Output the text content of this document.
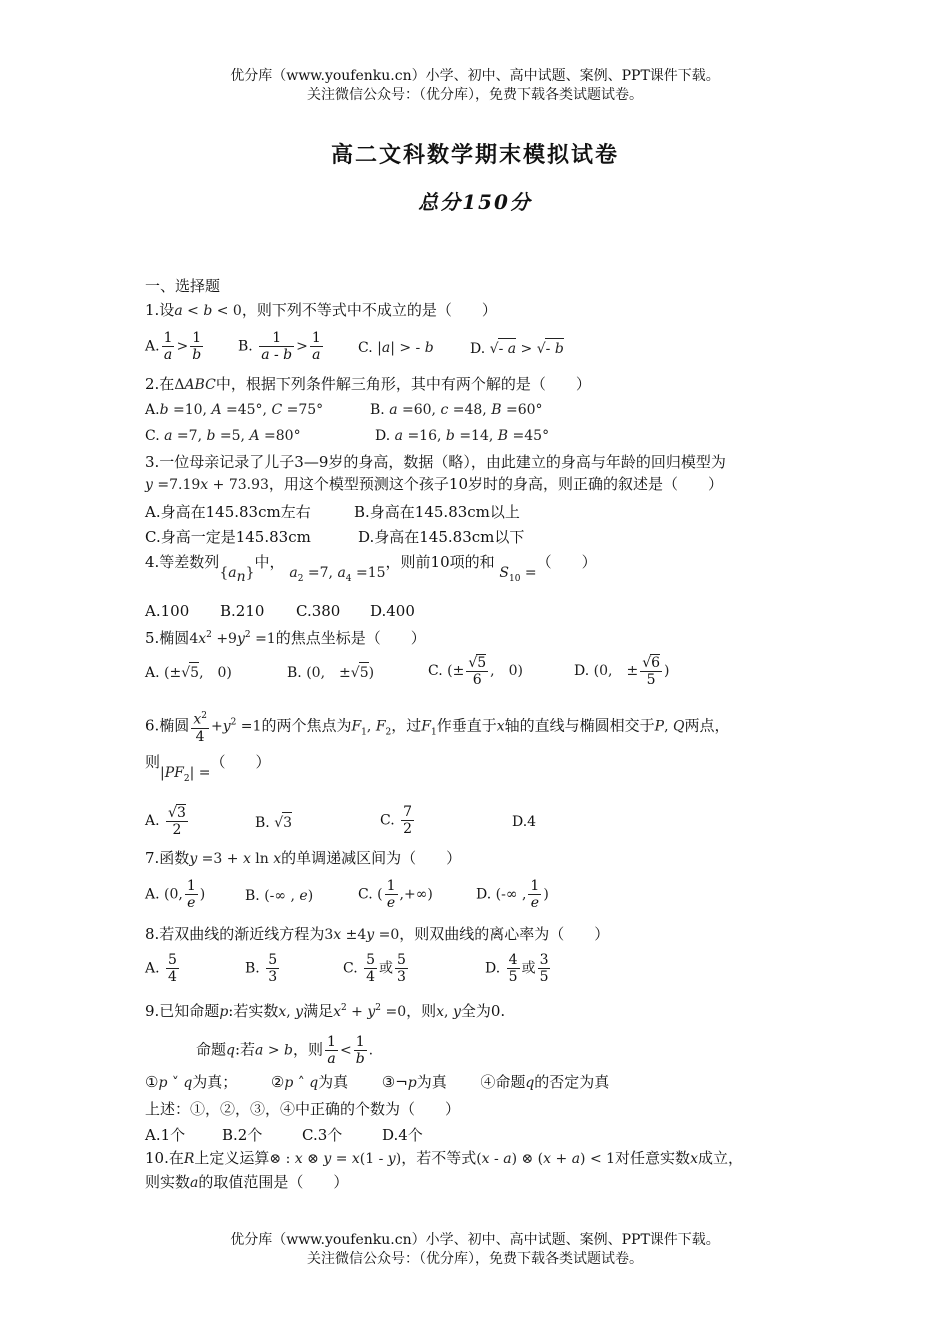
优分库（www.youfenku.cn）小学、初中、高中试题、案例、PPT课件下载。
关注微信公众号：（优分库），免费下载各类试题试卷。
高二文科数学期末模拟试卷
总分150分
一、选择题
1.设a < b < 0，则下列不等式中不成立的是（　　）
A. $\frac{1}{a} > \frac{1}{b} B$. $\frac{1}{a - b} > \frac{1}{a}$	C. |a| > - b	D. √- a > √- b
2.在ΔABC中，根据下列条件解三角形，其中有两个解的是（　　）
A.b =10, A =45°, C =75°	B. a =60, c =48, B =60°
C. a =7, b =5, A =80°	D. a =16, b =14, B =45°
3.一位母亲记录了儿子3—9岁的身高，数据（略），由此建立的身高与年龄的回归模型为
y =7.19x + 73.93，用这个模型预测这个孩子10岁时的身高，则正确的叙述是（　　）
A.身高在145.83cm左右	B.身高在145.83cm以上
C.身高一定是145.83cm	D.身高在145.83cm以下
4.等差数列$\{a_n\}$中， $a_2 =7$, $a_4 =15$，则前10项的和 $S_{10}$ =（　　）
A.100 B.210 C.380 D.400
5.椭圆$4x^2 +9y^2 =1$的焦点坐标是（　　）
A. (±√5,　0)	B. (0,　±√5)	C. (± $\frac{√5}{6}$ ,　0)	D. (0,　± $\frac{√6}{5}$ )
6.椭圆 $\frac{x^2}{4} +y^2 =1$的两个焦点为$F_1$, $F_2$，过$F_1$作垂直于x轴的直线与椭圆相交于P, Q两点，
则$|PF_2|$ =（　　）
A. $\frac{√3}{2}$	B. √3	C. $\frac{7}{2}$	D.4
7.函数y =3 + x ln x的单调递减区间为（　　）
A. (0, $\frac{1}{e}$ )	B. (-∞ , e)	C. ( $\frac{1}{e}$ ,+∞)	D. (-∞ , $\frac{1}{e}$ )
8.若双曲线的渐近线方程为3x ±4y =0，则双曲线的离心率为（　　）
A. $\frac{5}{4}$	B. $\frac{5}{3}$	C. $\frac{5}{4}$ 或 $\frac{5}{3}$	D. $\frac{4}{5}$ 或 $\frac{3}{5}$
9.已知命题p:若实数x, y满足$x^2 + y^2 =0$，则x, y全为0.
命题q:若a > b，则 $\frac{1}{a} < \frac{1}{b}$ .
①p ˅ q为真； ②p ˄ q为真 ③¬p为真 ④命题q的否定为真
上述：①，②，③，④中正确的个数为（　　）
A.1个 B.2个	C.3个	D.4个
10.在R上定义运算⊗ : x ⊗ y = x(1 - y)，若不等式(x - a) ⊗ (x + a) < 1对任意实数x成立，
则实数a的取值范围是（　　）
优分库（www.youfenku.cn）小学、初中、高中试题、案例、PPT课件下载。
关注微信公众号：（优分库），免费下载各类试题试卷。
